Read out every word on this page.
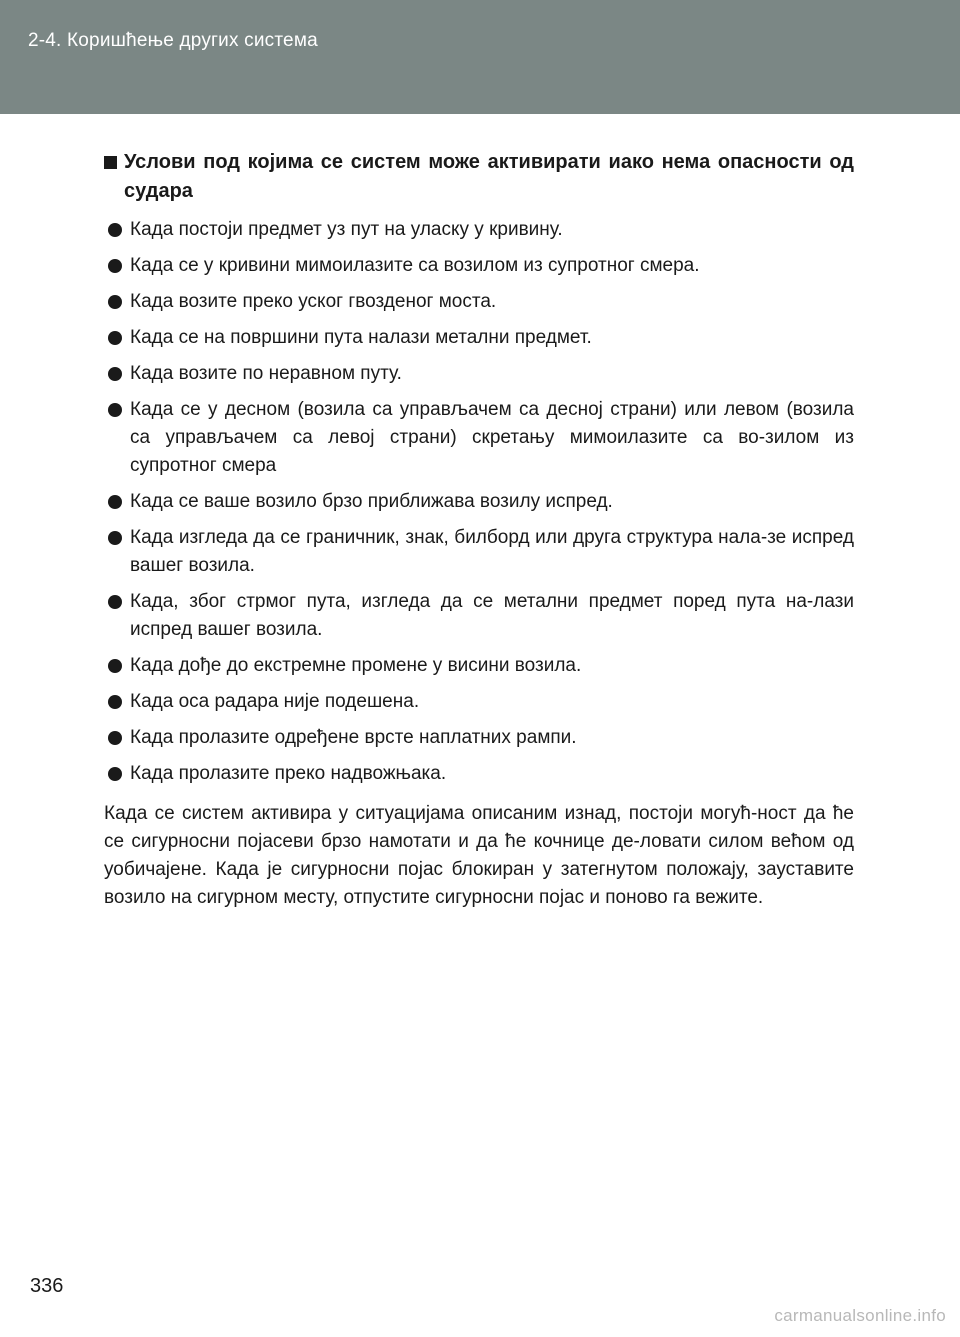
2-4. Коришћење других система
Услови под којима се систем може активирати иако нема опасности од судара
Када постоји предмет уз пут на уласку у кривину.
Када се у кривини мимоилазите са возилом из супротног смера.
Када возите преко уског гвозденог моста.
Када се на површини пута налази метални предмет.
Када возите по неравном путу.
Када се у десном (возила са управљачем са десној страни) или левом (возила са управљачем са левој страни) скретању мимоилазите са во-зилом из супротног смера
Када се ваше возило брзо приближава возилу испред.
Када изгледа да се граничник, знак, билборд или друга структура нала-зе испред вашег возила.
Када, због стрмог пута, изгледа да се метални предмет поред пута на-лази испред вашег возила.
Када дође до екстремне промене у висини возила.
Када оса радара није подешена.
Када пролазите одређене врсте наплатних рампи.
Када пролазите преко надвожњака.

Када се систем активира у ситуацијама описаним изнад, постоји могућ-ност да ће се сигурносни појасеви брзо намотати и да ће кочнице де-ловати силом већом од уобичајене. Када је сигурносни појас блокиран у затегнутом положају, зауставите возило на сигурном месту, отпустите сигурносни појас и поново га вежите.

336
carmanualsonline.info
